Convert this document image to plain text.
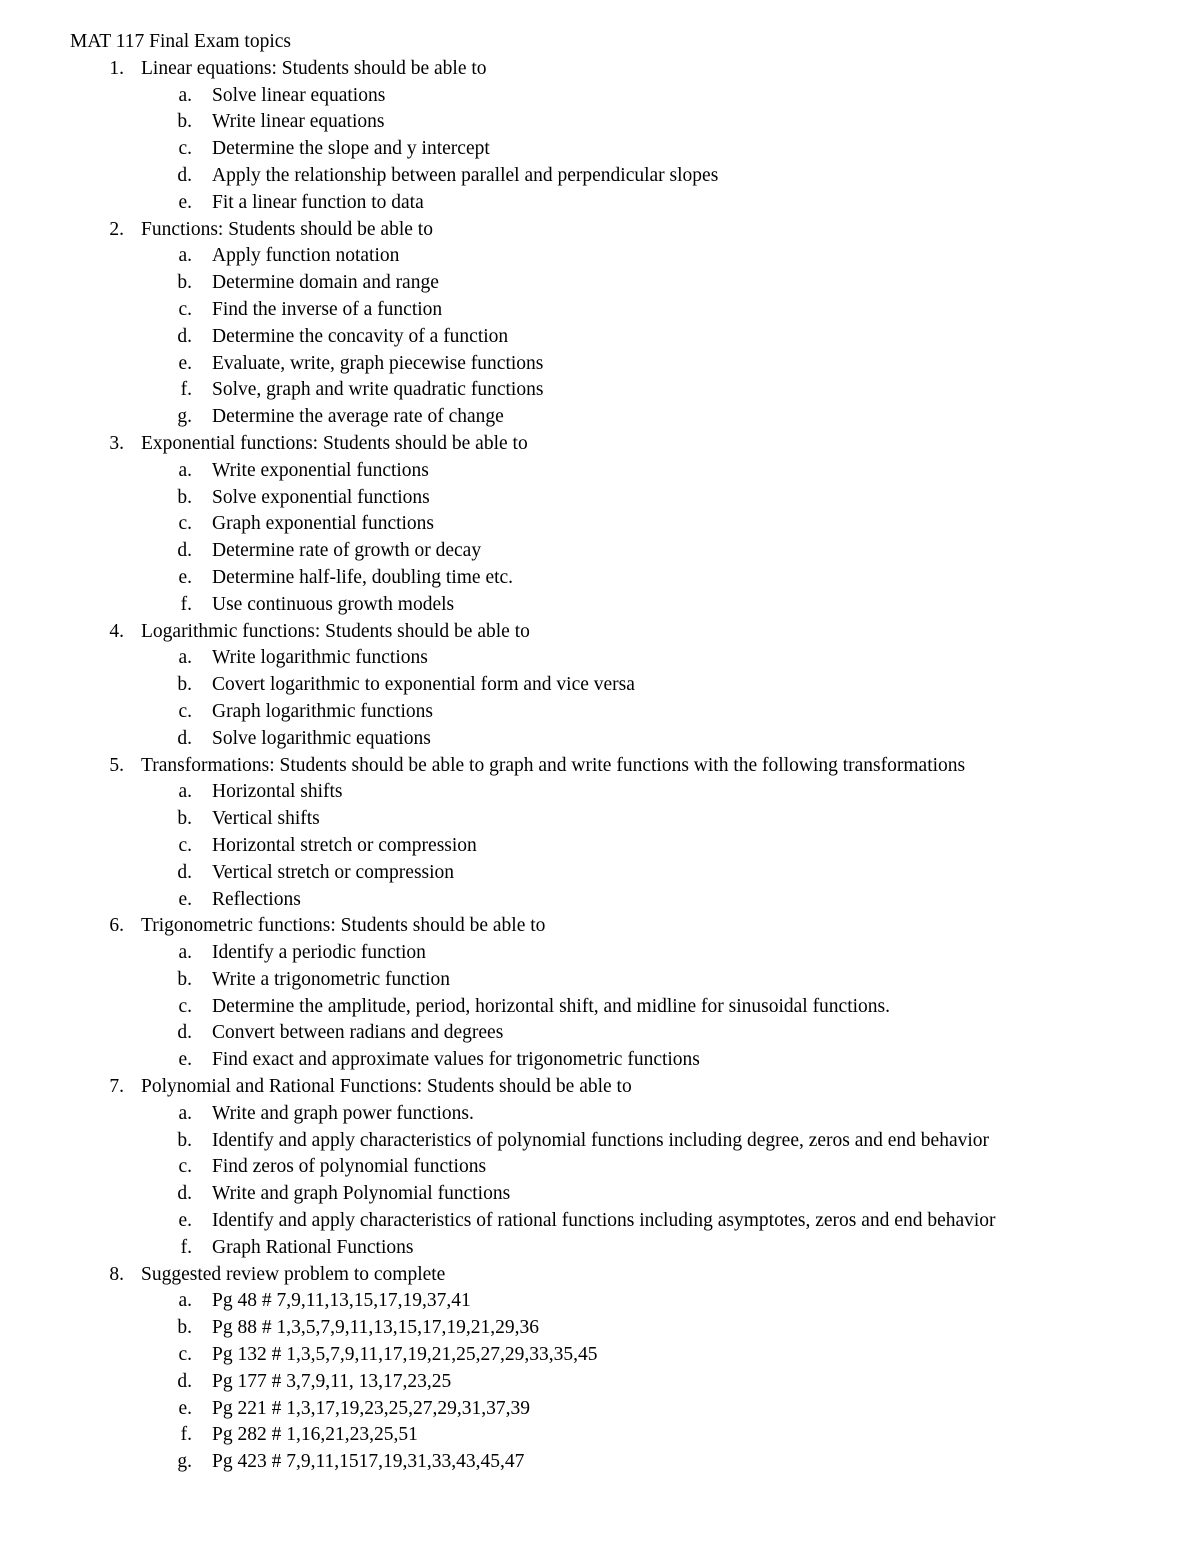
MAT 117 Final Exam topics
1. Linear equations: Students should be able to
a. Solve linear equations
b. Write linear equations
c. Determine the slope and y intercept
d. Apply the relationship between parallel and perpendicular slopes
e. Fit a linear function to data
2. Functions: Students should be able to
a. Apply function notation
b. Determine domain and range
c. Find the inverse of a function
d. Determine the concavity of a function
e. Evaluate, write, graph piecewise functions
f. Solve, graph and write quadratic functions
g. Determine the average rate of change
3. Exponential functions: Students should be able to
a. Write exponential functions
b. Solve exponential functions
c. Graph exponential functions
d. Determine rate of growth or decay
e. Determine half-life, doubling time etc.
f. Use continuous growth models
4. Logarithmic functions: Students should be able to
a. Write logarithmic functions
b. Covert logarithmic to exponential form and vice versa
c. Graph logarithmic functions
d. Solve logarithmic equations
5. Transformations: Students should be able to graph and write functions with the following transformations
a. Horizontal shifts
b. Vertical shifts
c. Horizontal stretch or compression
d. Vertical stretch or compression
e. Reflections
6. Trigonometric functions: Students should be able to
a. Identify a periodic function
b. Write a trigonometric function
c. Determine the amplitude, period, horizontal shift, and midline for sinusoidal functions.
d. Convert between radians and degrees
e. Find exact and approximate values for trigonometric functions
7. Polynomial and Rational Functions: Students should be able to
a. Write and graph power functions.
b. Identify and apply characteristics of polynomial functions including degree, zeros and end behavior
c. Find zeros of polynomial functions
d. Write and graph Polynomial functions
e. Identify and apply characteristics of rational functions including asymptotes, zeros and end behavior
f. Graph Rational Functions
8. Suggested review problem to complete
a. Pg 48 # 7,9,11,13,15,17,19,37,41
b. Pg 88 # 1,3,5,7,9,11,13,15,17,19,21,29,36
c. Pg 132 # 1,3,5,7,9,11,17,19,21,25,27,29,33,35,45
d. Pg 177 # 3,7,9,11, 13,17,23,25
e. Pg 221 # 1,3,17,19,23,25,27,29,31,37,39
f. Pg 282 # 1,16,21,23,25,51
g. Pg 423 # 7,9,11,1517,19,31,33,43,45,47
